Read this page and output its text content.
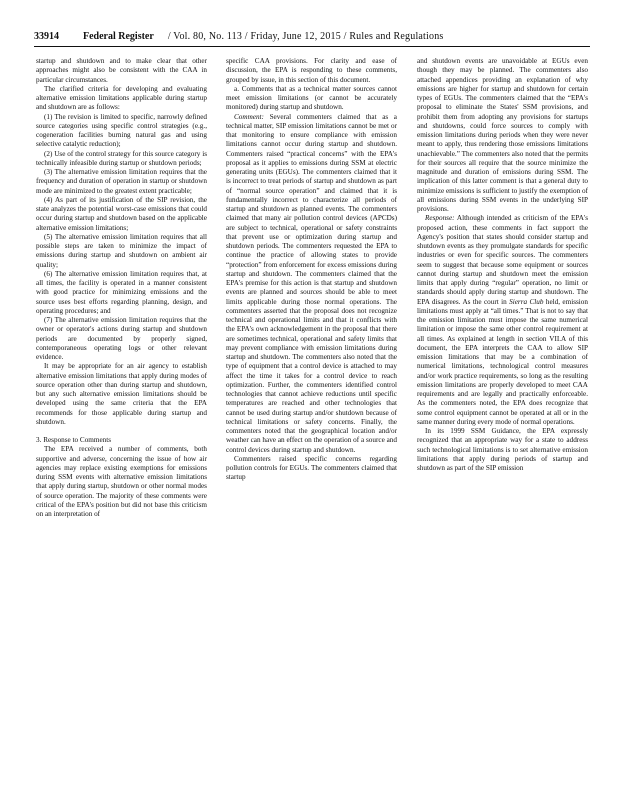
33914 Federal Register / Vol. 80, No. 113 / Friday, June 12, 2015 / Rules and Regulations

startup and shutdown and to make clear that other approaches might also be consistent with the CAA in particular circumstances.

The clarified criteria for developing and evaluating alternative emission limitations applicable during startup and shutdown are as follows:

(1) The revision is limited to specific, narrowly defined source categories using specific control strategies (e.g., cogeneration facilities burning natural gas and using selective catalytic reduction);

(2) Use of the control strategy for this source category is technically infeasible during startup or shutdown periods;

(3) The alternative emission limitation requires that the frequency and duration of operation in startup or shutdown mode are minimized to the greatest extent practicable;

(4) As part of its justification of the SIP revision, the state analyzes the potential worst-case emissions that could occur during startup and shutdown based on the applicable alternative emission limitations;

(5) The alternative emission limitation requires that all possible steps are taken to minimize the impact of emissions during startup and shutdown on ambient air quality;

(6) The alternative emission limitation requires that, at all times, the facility is operated in a manner consistent with good practice for minimizing emissions and the source uses best efforts regarding planning, design, and operating procedures; and

(7) The alternative emission limitation requires that the owner or operator's actions during startup and shutdown periods are documented by properly signed, contemporaneous operating logs or other relevant evidence.

It may be appropriate for an air agency to establish alternative emission limitations that apply during modes of source operation other than during startup and shutdown, but any such alternative emission limitations should be developed using the same criteria that the EPA recommends for those applicable during startup and shutdown.

3. Response to Comments

The EPA received a number of comments, both supportive and adverse, concerning the issue of how air agencies may replace existing exemptions for emissions during SSM events with alternative emission limitations that apply during startup, shutdown or other normal modes of source operation. The majority of these comments were critical of the EPA's position but did not base this criticism on an interpretation of

specific CAA provisions. For clarity and ease of discussion, the EPA is responding to these comments, grouped by issue, in this section of this document.

a. Comments that as a technical matter sources cannot meet emission limitations (or cannot be accurately monitored) during startup and shutdown.

Comment: Several commenters claimed that as a technical matter, SIP emission limitations cannot be met or that monitoring to ensure compliance with emission limitations cannot occur during startup and shutdown. Commenters raised “practical concerns” with the EPA's proposal as it applies to emissions during SSM at electric generating units (EGUs). The commenters claimed that it is incorrect to treat periods of startup and shutdown as part of “normal source operation” and claimed that it is fundamentally incorrect to characterize all periods of startup and shutdown as planned events. The commenters claimed that many air pollution control devices (APCDs) are subject to technical, operational or safety constraints that prevent use or optimization during startup and shutdown periods. The commenters requested the EPA to continue the practice of allowing states to provide “protection” from enforcement for excess emissions during startup and shutdown. The commenters claimed that the EPA's premise for this action is that startup and shutdown events are planned and sources should be able to meet limits applicable during those normal operations. The commenters asserted that the proposal does not recognize technical and operational limits and that it conflicts with the EPA's own acknowledgement in the proposal that there are sometimes technical, operational and safety limits that may prevent compliance with emission limitations during startup and shutdown. The commenters also noted that the type of equipment that a control device is attached to may affect the time it takes for a control device to reach optimization. Further, the commenters identified control technologies that cannot achieve reductions until specific temperatures are reached and other technologies that cannot be used during startup and/or shutdown because of technical limitations or safety concerns. Finally, the commenters noted that the geographical location and/or weather can have an effect on the operation of a source and control devices during startup and shutdown.

Commenters raised specific concerns regarding pollution controls for EGUs. The commenters claimed that startup

and shutdown events are unavoidable at EGUs even though they may be planned. The commenters also attached appendices providing an explanation of why emissions are higher for startup and shutdown for certain types of EGUs. The commenters claimed that the “EPA's proposal to eliminate the States' SSM provisions, and prohibit them from adopting any provisions for startups and shutdowns, could force sources to comply with emission limitations during periods when they were never meant to apply, thus rendering those emissions limitations unachievable.” The commenters also noted that the permits for their sources all require that the source minimize the magnitude and duration of emissions during SSM. The implication of this latter comment is that a general duty to minimize emissions is sufficient to justify the exemption of all emissions during SSM events in the underlying SIP provisions.

Response: Although intended as criticism of the EPA's proposed action, these comments in fact support the Agency's position that states should consider startup and shutdown events as they promulgate standards for specific industries or even for specific sources. The commenters seem to suggest that because some equipment or sources cannot during startup and shutdown meet the emission limits that apply during “regular” operation, no limit or standards should apply during startup and shutdown. The EPA disagrees. As the court in Sierra Club held, emission limitations must apply at “all times.” That is not to say that the emission limitation must impose the same numerical limitation or impose the same other control requirement at all times. As explained at length in section VII.A of this document, the EPA interprets the CAA to allow SIP emission limitations that may be a combination of numerical limitations, technological control measures and/or work practice requirements, so long as the resulting emission limitations are properly developed to meet CAA requirements and are legally and practically enforceable. As the commenters noted, the EPA does recognize that some control equipment cannot be operated at all or in the same manner during every mode of normal operations.

In its 1999 SSM Guidance, the EPA expressly recognized that an appropriate way for a state to address such technological limitations is to set alternative emission limitations that apply during periods of startup and shutdown as part of the SIP emission
